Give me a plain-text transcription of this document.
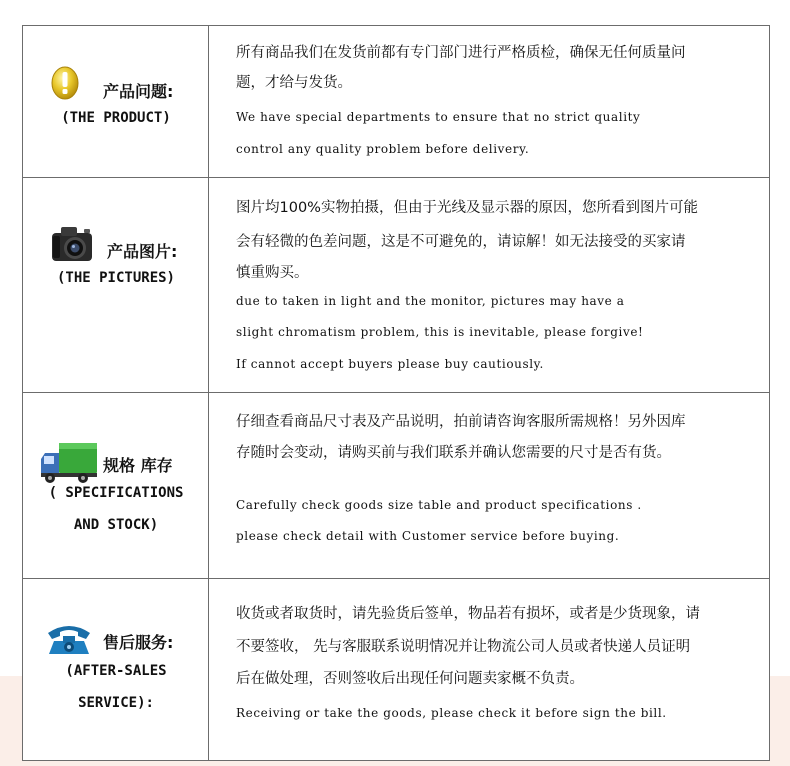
产品问题:
(THE PRODUCT)
所有商品我们在发货前都有专门部门进行严格质检，确保无任何质量问
题，才给与发货。
We have special departments to ensure that no strict quality
control any quality problem before delivery.
产品图片:
(THE PICTURES)
图片均100%实物拍摄，但由于光线及显示器的原因，您所看到图片可能
会有轻微的色差问题，这是不可避免的，请谅解！如无法接受的买家请
慎重购买。
due to taken in light and the monitor, pictures may have a
slight chromatism problem, this is inevitable, please forgive!
If cannot accept buyers please buy cautiously.
规格 库存
( SPECIFICATIONS
AND STOCK)
仔细查看商品尺寸表及产品说明，拍前请咨询客服所需规格！另外因库
存随时会变动，请购买前与我们联系并确认您需要的尺寸是否有货。
Carefully check goods size table and product specifications .
please check detail with Customer service before buying.
售后服务:
(AFTER-SALES
SERVICE):
收货或者取货时，请先验货后签单，物品若有损坏，或者是少货现象，请
不要签收， 先与客服联系说明情况并让物流公司人员或者快递人员证明
后在做处理，否则签收后出现任何问题卖家概不负责。
Receiving or take the goods, please check it before sign the bill.
